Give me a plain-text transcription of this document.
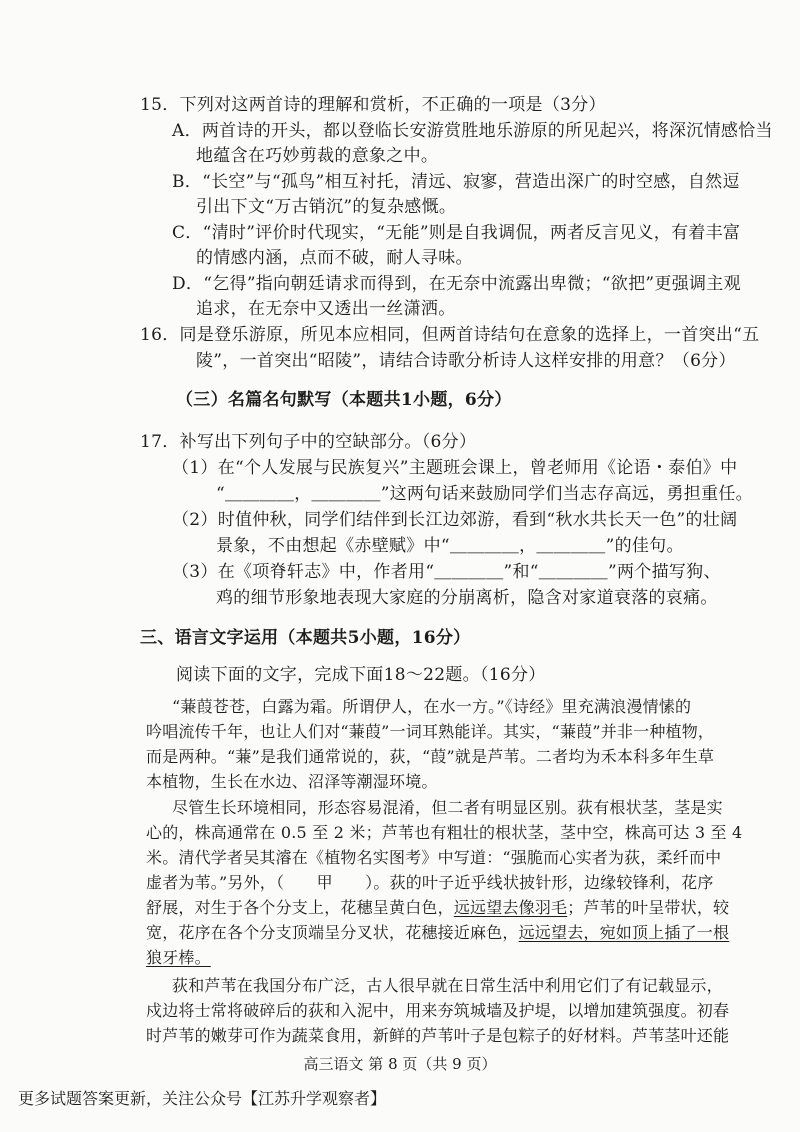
15．下列对这两首诗的理解和赏析，不正确的一项是（3分）
A．两首诗的开头，都以登临长安游赏胜地乐游原的所见起兴，将深沉情感恰当
地蕴含在巧妙剪裁的意象之中。
B．“长空”与“孤鸟”相互衬托，清远、寂寥，营造出深广的时空感，自然逗
引出下文“万古销沉”的复杂感慨。
C．“清时”评价时代现实，“无能”则是自我调侃，两者反言见义，有着丰富
的情感内涵，点而不破，耐人寻味。
D．“乞得”指向朝廷请求而得到，在无奈中流露出卑微；“欲把”更强调主观
追求，在无奈中又透出一丝潇洒。
16．同是登乐游原，所见本应相同，但两首诗结句在意象的选择上，一首突出“五
陵”，一首突出“昭陵”，请结合诗歌分析诗人这样安排的用意？（6分）
（三）名篇名句默写（本题共1小题，6分）
17．补写出下列句子中的空缺部分。（6分）
（1）在“个人发展与民族复兴”主题班会课上，曾老师用《论语・泰伯》中
“＿＿＿＿，＿＿＿＿”这两句话来鼓励同学们当志存高远，勇担重任。
（2）时值仲秋，同学们结伴到长江边郊游，看到“秋水共长天一色”的壮阔
景象，不由想起《赤壁赋》中“＿＿＿＿，＿＿＿＿”的佳句。
（3）在《项脊轩志》中，作者用“＿＿＿＿”和“＿＿＿＿”两个描写狗、
鸡的细节形象地表现大家庭的分崩离析，隐含对家道衰落的哀痛。
三、语言文字运用（本题共5小题，16分）
阅读下面的文字，完成下面18～22题。（16分）
“蒹葭苍苍，白露为霜。所谓伊人，在水一方。”《诗经》里充满浪漫情愫的
吟唱流传千年，也让人们对“蒹葭”一词耳熟能详。其实，“蒹葭”并非一种植物，
而是两种。“蒹”是我们通常说的，荻，“葭”就是芦苇。二者均为禾本科多年生草
本植物，生长在水边、沼泽等潮湿环境。
尽管生长环境相同，形态容易混淆，但二者有明显区别。荻有根状茎，茎是实
心的，株高通常在 0.5 至 2 米；芦苇也有粗壮的根状茎，茎中空，株高可达 3 至 4
米。清代学者吴其濬在《植物名实图考》中写道：“强脆而心实者为荻，柔纤而中
虚者为苇。”另外，（　　甲　　）。荻的叶子近乎线状披针形，边缘较锋利，花序
舒展，对生于各个分支上，花穗呈黄白色，远远望去像羽毛；芦苇的叶呈带状，较
宽，花序在各个分支顶端呈分叉状，花穗接近麻色，远远望去，宛如顶上插了一根
狼牙棒。
荻和芦苇在我国分布广泛，古人很早就在日常生活中利用它们了有记载显示，
戍边将士常将破碎后的荻和入泥中，用来夯筑城墙及护堤，以增加建筑强度。初春
时芦苇的嫩芽可作为蔬菜食用，新鲜的芦苇叶子是包粽子的好材料。芦苇茎叶还能
高三语文 第 8 页（共 9 页）
更多试题答案更新，关注公众号【江苏升学观察者】
